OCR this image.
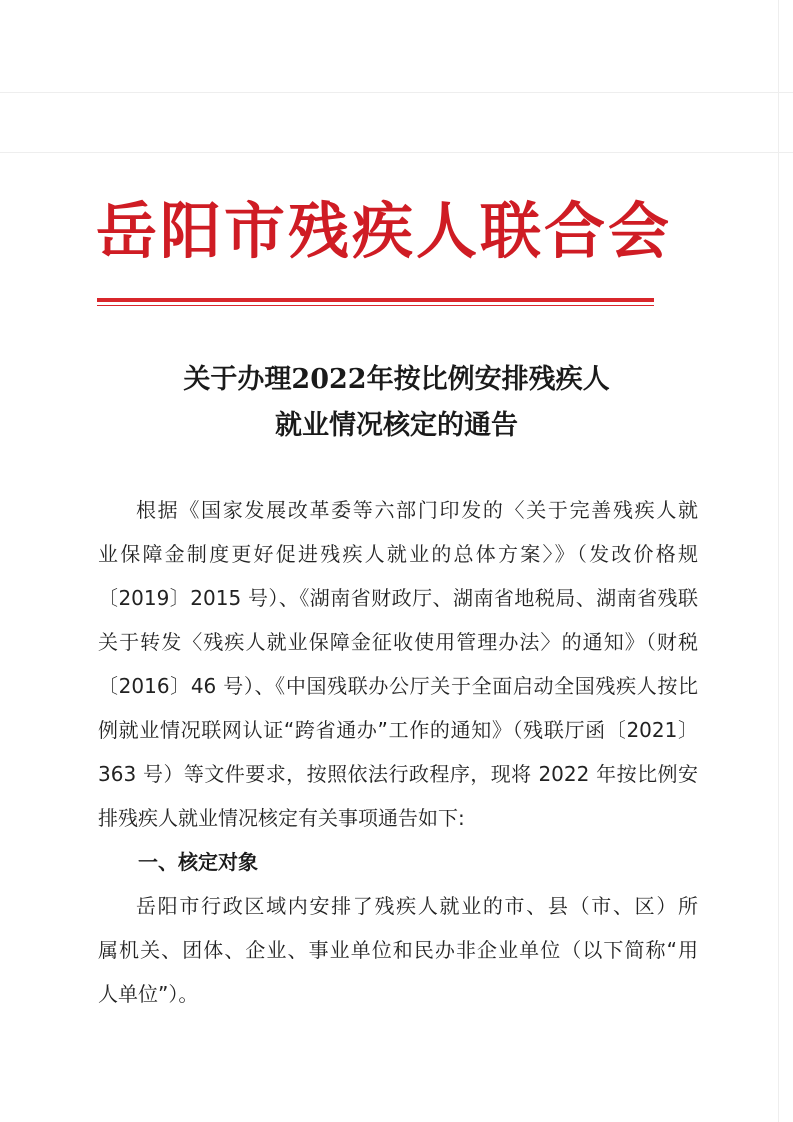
岳阳市残疾人联合会
关于办理2022年按比例安排残疾人
就业情况核定的通告
根据《国家发展改革委等六部门印发的〈关于完善残疾人就
业保障金制度更好促进残疾人就业的总体方案〉》（发改价格规
〔2019〕2015 号）、《湖南省财政厅、湖南省地税局、湖南省残联
关于转发〈残疾人就业保障金征收使用管理办法〉的通知》（财税
〔2016〕46 号）、《中国残联办公厅关于全面启动全国残疾人按比
例就业情况联网认证“跨省通办”工作的通知》（残联厅函〔2021〕
363 号）等文件要求，按照依法行政程序，现将 2022 年按比例安
排残疾人就业情况核定有关事项通告如下:
一、核定对象
岳阳市行政区域内安排了残疾人就业的市、县（市、区）所
属机关、团体、企业、事业单位和民办非企业单位（以下简称“用
人单位”）。
